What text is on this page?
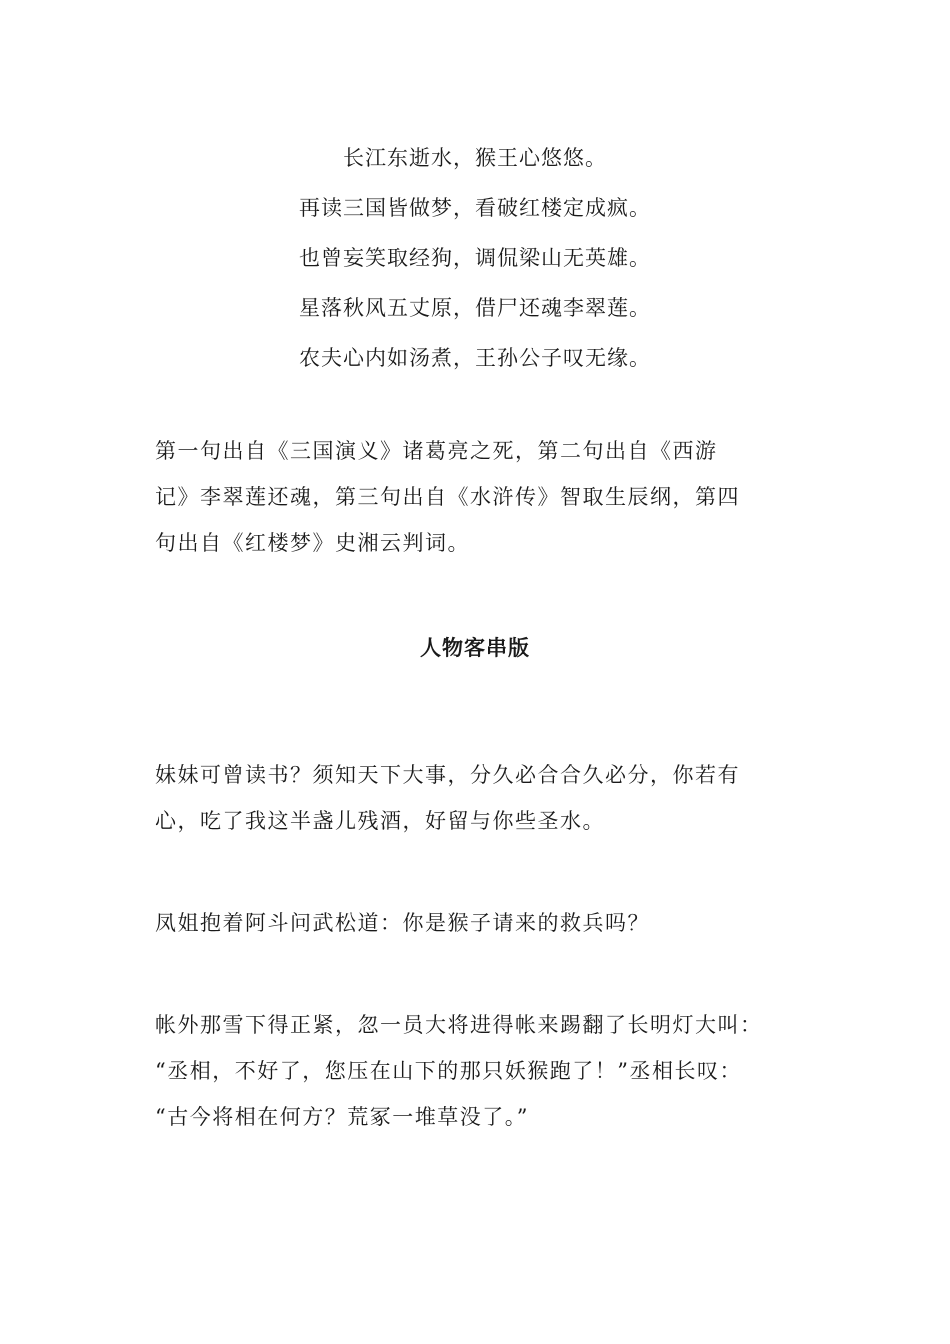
长江东逝水，猴王心悠悠。
再读三国皆做梦，看破红楼定成疯。
也曾妄笑取经狗，调侃梁山无英雄。
星落秋风五丈原，借尸还魂李翠莲。
农夫心内如汤煮，王孙公子叹无缘。
第一句出自《三国演义》诸葛亮之死，第二句出自《西游
记》李翠莲还魂，第三句出自《水浒传》智取生辰纲，第四
句出自《红楼梦》史湘云判词。
人物客串版
妹妹可曾读书？须知天下大事，分久必合合久必分，你若有
心，吃了我这半盏儿残酒，好留与你些圣水。
凤姐抱着阿斗问武松道：你是猴子请来的救兵吗？
帐外那雪下得正紧，忽一员大将进得帐来踢翻了长明灯大叫：
“丞相，不好了，您压在山下的那只妖猴跑了！”丞相长叹：
“古今将相在何方？荒冢一堆草没了。”
